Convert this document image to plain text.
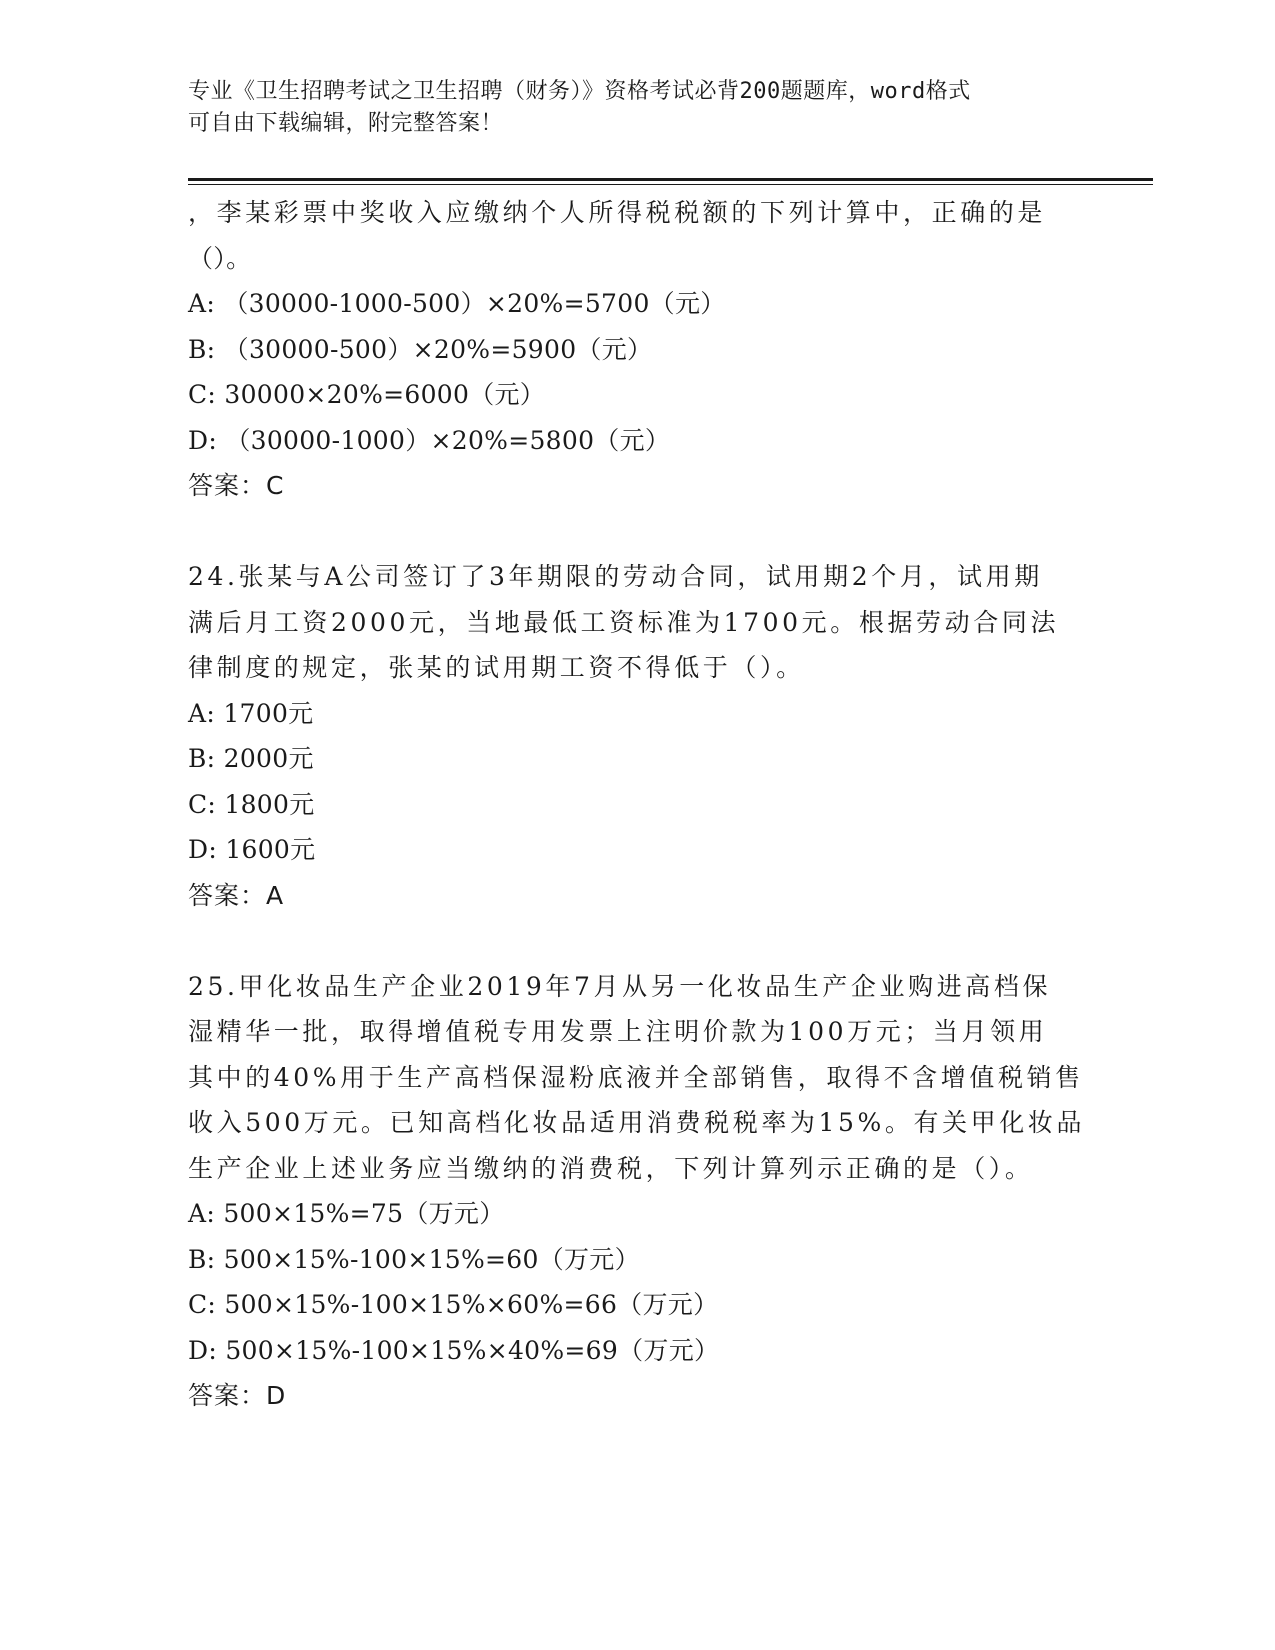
专业《卫生招聘考试之卫生招聘（财务）》资格考试必背200题题库，word格式
可自由下载编辑，附完整答案！
，李某彩票中奖收入应缴纳个人所得税税额的下列计算中，正确的是
（）。
A: （30000-1000-500）×20%=5700（元）
B: （30000-500）×20%=5900（元）
C: 30000×20%=6000（元）
D: （30000-1000）×20%=5800（元）
答案：C
24.张某与A公司签订了3年期限的劳动合同，试用期2个月，试用期
满后月工资2000元，当地最低工资标准为1700元。根据劳动合同法
律制度的规定，张某的试用期工资不得低于（）。
A: 1700元
B: 2000元
C: 1800元
D: 1600元
答案：A
25.甲化妆品生产企业2019年7月从另一化妆品生产企业购进高档保
湿精华一批，取得增值税专用发票上注明价款为100万元；当月领用
其中的40%用于生产高档保湿粉底液并全部销售，取得不含增值税销售
收入500万元。已知高档化妆品适用消费税税率为15%。有关甲化妆品
生产企业上述业务应当缴纳的消费税，下列计算列示正确的是（）。
A: 500×15%=75（万元）
B: 500×15%-100×15%=60（万元）
C: 500×15%-100×15%×60%=66（万元）
D: 500×15%-100×15%×40%=69（万元）
答案：D
